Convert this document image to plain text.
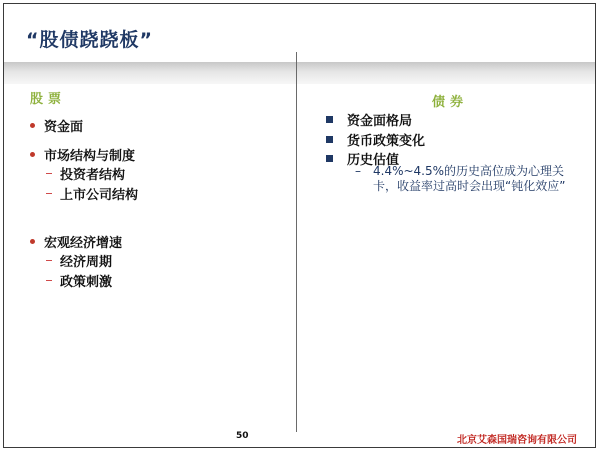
“股债跷跷板”
股票
资金面
市场结构与制度
投资者结构
上市公司结构
宏观经济增速
经济周期
政策刺激
债券
资金面格局
货币政策变化
历史估值
– 4.4%~4.5%的历史高位成为心理关卡，收益率过高时会出现“钝化效应”
50	北京艾森国瑞咨询有限公司
